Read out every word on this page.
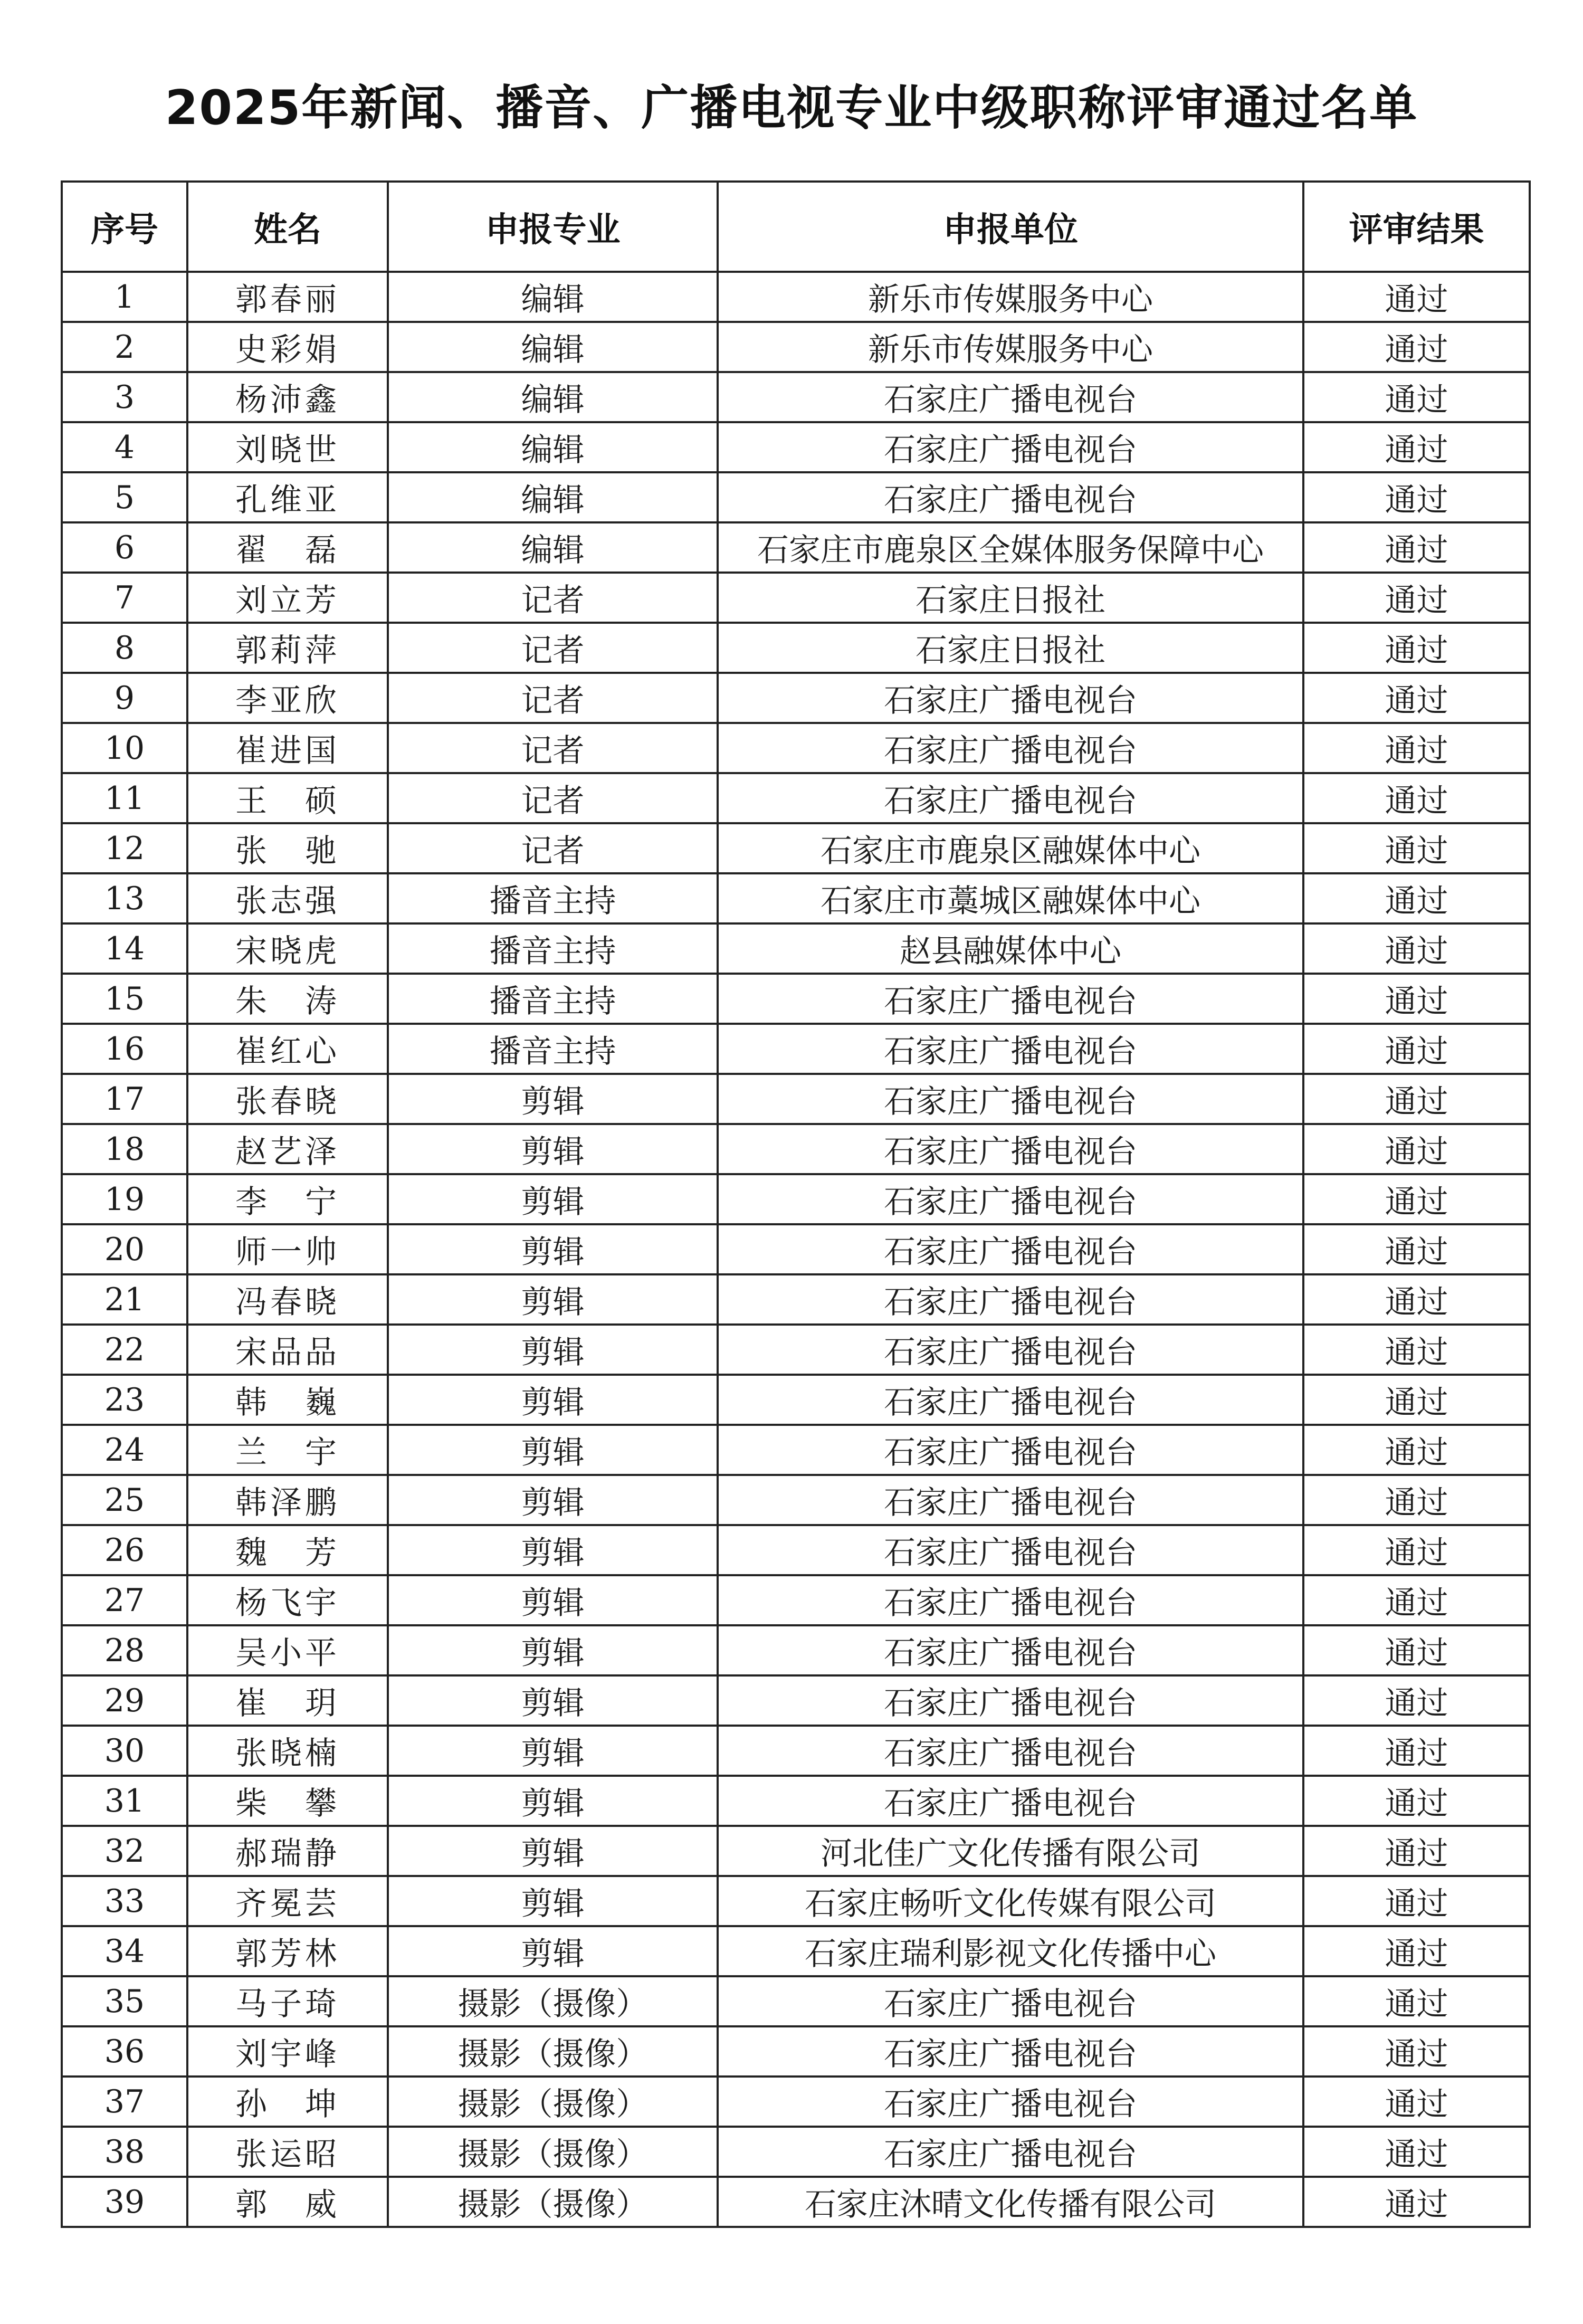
2025年新闻、播音、广播电视专业中级职称评审通过名单
序号	姓名	申报专业	申报单位	评审结果
1	郭春丽	编辑	新乐市传媒服务中心	通过
2	史彩娟	编辑	新乐市传媒服务中心	通过
3	杨沛鑫	编辑	石家庄广播电视台	通过
4	刘晓世	编辑	石家庄广播电视台	通过
5	孔维亚	编辑	石家庄广播电视台	通过
6	翟　磊	编辑	石家庄市鹿泉区全媒体服务保障中心	通过
7	刘立芳	记者	石家庄日报社	通过
8	郭莉萍	记者	石家庄日报社	通过
9	李亚欣	记者	石家庄广播电视台	通过
10	崔进国	记者	石家庄广播电视台	通过
11	王　硕	记者	石家庄广播电视台	通过
12	张　驰	记者	石家庄市鹿泉区融媒体中心	通过
13	张志强	播音主持	石家庄市藁城区融媒体中心	通过
14	宋晓虎	播音主持	赵县融媒体中心	通过
15	朱　涛	播音主持	石家庄广播电视台	通过
16	崔红心	播音主持	石家庄广播电视台	通过
17	张春晓	剪辑	石家庄广播电视台	通过
18	赵艺泽	剪辑	石家庄广播电视台	通过
19	李　宁	剪辑	石家庄广播电视台	通过
20	师一帅	剪辑	石家庄广播电视台	通过
21	冯春晓	剪辑	石家庄广播电视台	通过
22	宋品品	剪辑	石家庄广播电视台	通过
23	韩　巍	剪辑	石家庄广播电视台	通过
24	兰　宇	剪辑	石家庄广播电视台	通过
25	韩泽鹏	剪辑	石家庄广播电视台	通过
26	魏　芳	剪辑	石家庄广播电视台	通过
27	杨飞宇	剪辑	石家庄广播电视台	通过
28	吴小平	剪辑	石家庄广播电视台	通过
29	崔　玥	剪辑	石家庄广播电视台	通过
30	张晓楠	剪辑	石家庄广播电视台	通过
31	柴　攀	剪辑	石家庄广播电视台	通过
32	郝瑞静	剪辑	河北佳广文化传播有限公司	通过
33	齐冕芸	剪辑	石家庄畅听文化传媒有限公司	通过
34	郭芳林	剪辑	石家庄瑞利影视文化传播中心	通过
35	马子琦	摄影（摄像）	石家庄广播电视台	通过
36	刘宇峰	摄影（摄像）	石家庄广播电视台	通过
37	孙　坤	摄影（摄像）	石家庄广播电视台	通过
38	张运昭	摄影（摄像）	石家庄广播电视台	通过
39	郭　威	摄影（摄像）	石家庄沐晴文化传播有限公司	通过
